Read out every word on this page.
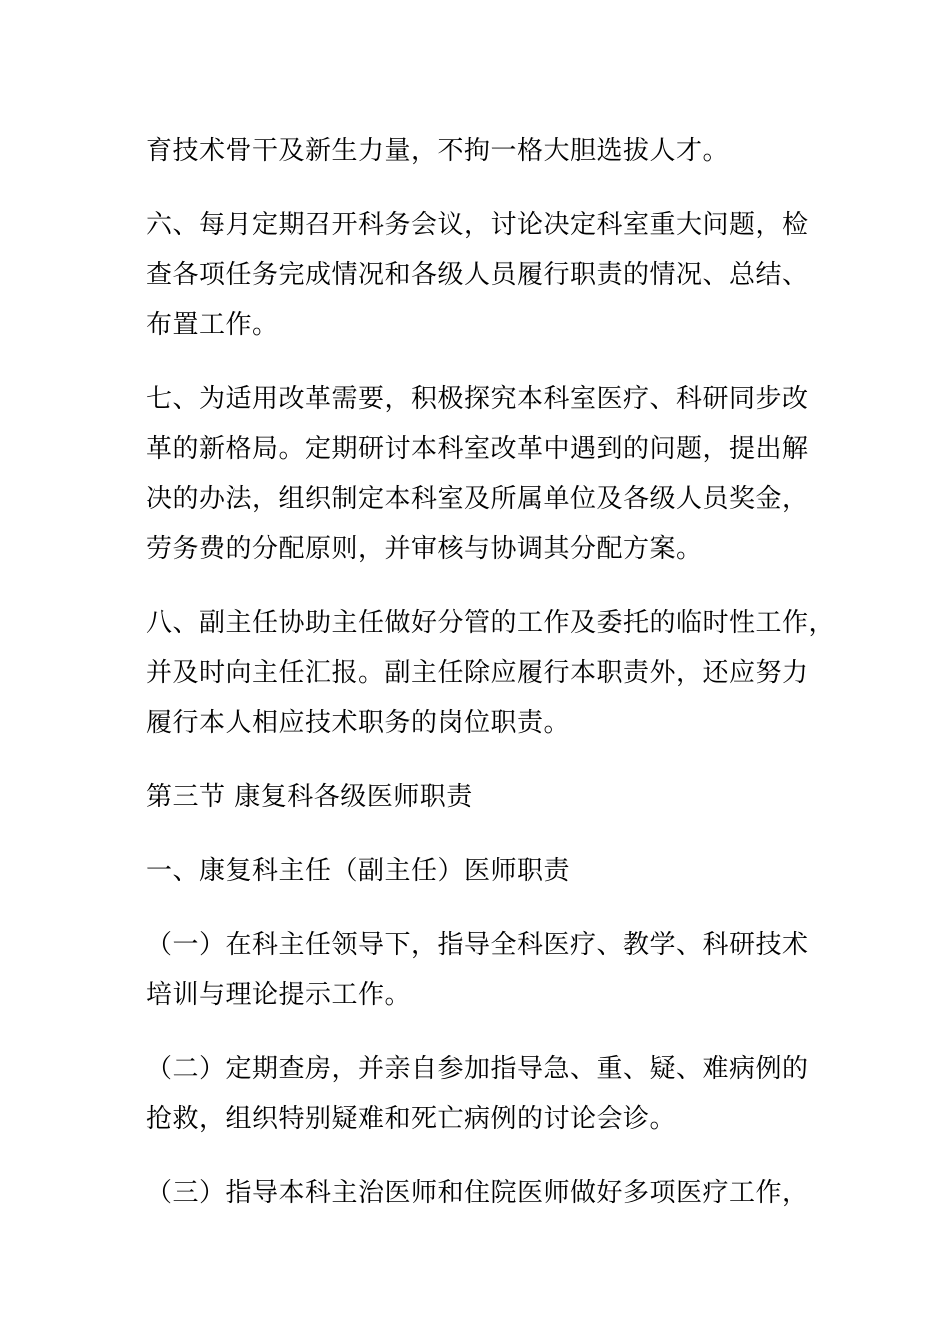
育技术骨干及新生力量，不拘一格大胆选拔人才。
六、每月定期召开科务会议，讨论决定科室重大问题，检
查各项任务完成情况和各级人员履行职责的情况、总结、
布置工作。
七、为适用改革需要，积极探究本科室医疗、科研同步改
革的新格局。定期研讨本科室改革中遇到的问题，提出解
决的办法，组织制定本科室及所属单位及各级人员奖金，
劳务费的分配原则，并审核与协调其分配方案。
八、副主任协助主任做好分管的工作及委托的临时性工作，
并及时向主任汇报。副主任除应履行本职责外，还应努力
履行本人相应技术职务的岗位职责。
第三节 康复科各级医师职责
一、康复科主任（副主任）医师职责
（一）在科主任领导下，指导全科医疗、教学、科研技术
培训与理论提示工作。
（二）定期查房，并亲自参加指导急、重、疑、难病例的
抢救，组织特别疑难和死亡病例的讨论会诊。
（三）指导本科主治医师和住院医师做好多项医疗工作，
